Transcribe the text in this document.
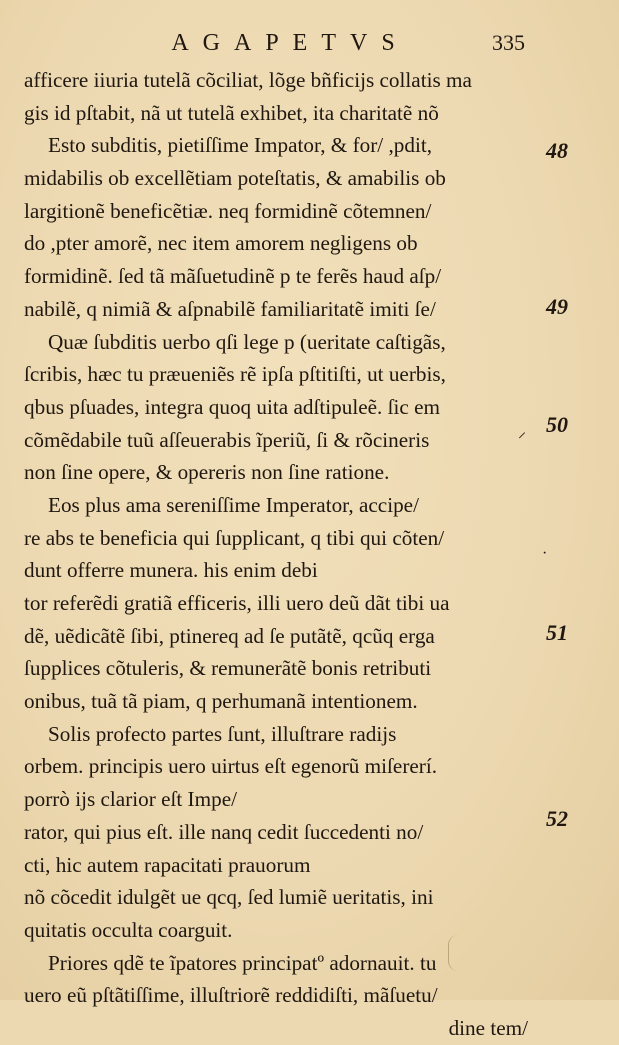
AGAPETVS	335
afficere iiuria tutelã cõciliat, lõge bñficijs collatis ma
gis id pſtabit, nã ut tutelã exhibet, ita charitatẽ nõ
Esto subditis, pietiſſime Impator, & for/ ,pdit,
midabilis ob excellẽtiam poteſtatis, & amabilis ob
largitionẽ beneficẽtiæ. neq formidinẽ cõtemnen/
do ,pter amorẽ, nec item amorem negligens ob
formidinẽ. ſed tã mãſuetudinẽ p te ferẽs haud aſp/
nabilẽ, q nimiã & aſpnabilẽ familiaritatẽ imiti ſe/
Quæ ſubditis uerbo qſi lege p (ueritate caſtigãs,
ſcribis, hæc tu præueniẽs rẽ ipſa pſtitiſti, ut uerbis,
qbus pſuades, integra quoq uita adſtipuleẽ. ſic em
cõmẽdabile tuũ aſſeuerabis ĩperiũ, ſi & rõcineris
non ſine opere, & opereris non ſine ratione.
Eos plus ama sereniſſime Imperator, accipe/
re abs te beneficia qui ſupplicant, q tibi qui cõten/
dunt offerre munera. his enim debi
tor referẽdi gratiã efficeris, illi uero deũ dãt tibi ua
dẽ, uẽdicãtẽ ſibi, ptinereq ad ſe putãtẽ, qcũq erga
ſupplices cõtuleris, & remunerãtẽ bonis retributi
onibus, tuã tã piam, q perhumanã intentionem.
Solis profecto partes ſunt, illuſtrare radijs
orbem. principis uero uirtus eſt egenorũ miſererí.
porrò ijs clarior eſt Impe/
rator, qui pius eſt. ille nanq cedit ſuccedenti no/
cti, hic autem rapacitati prauorum
nõ cõcedit idulgẽt ue qcq, ſed lumiẽ ueritatis, ini
quitatis occulta coarguit.
Priores qdẽ te ĩpatores principatº adornauit. tu
uero eũ pſtãtiſſime, illuſtriorẽ reddidiſti, mãſuetu/
dine tem/
48
49
50
51
52
⸝
·
